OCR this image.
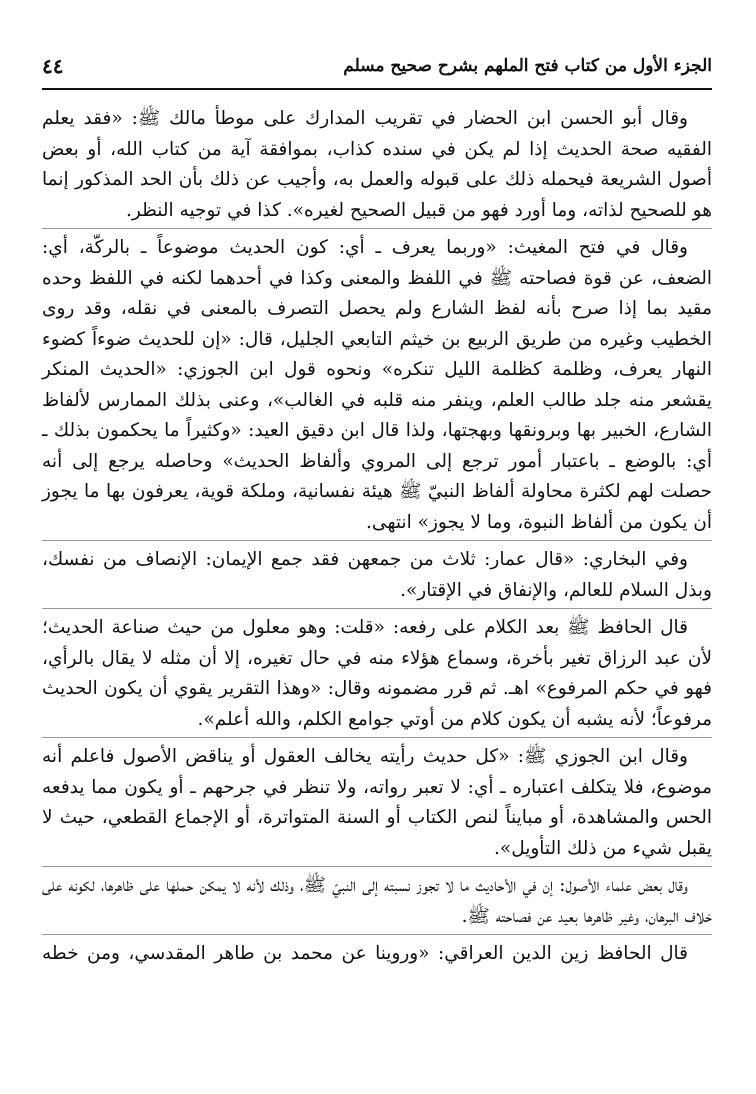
الجزء الأول من كتاب فتح الملهم بشرح صحيح مسلم
٤٤

وقال أبو الحسن ابن الحضار في تقريب المدارك على موطأ مالك ﷺ: «فقد يعلم الفقيه صحة الحديث إذا لم يكن في سنده كذاب، بموافقة آية من كتاب الله، أو بعض أصول الشريعة فيحمله ذلك على قبوله والعمل به، وأجيب عن ذلك بأن الحد المذكور إنما هو للصحيح لذاته، وما أورد فهو من قبيل الصحيح لغيره». كذا في توجيه النظر.

وقال في فتح المغيث: «وربما يعرف ـ أي: كون الحديث موضوعاً ـ بالركّة، أي: الضعف، عن قوة فصاحته ﷺ في اللفظ والمعنى وكذا في أحدهما لكنه في اللفظ وحده مقيد بما إذا صرح بأنه لفظ الشارع ولم يحصل التصرف بالمعنى في نقله، وقد روى الخطيب وغيره من طريق الربيع بن خيثم التابعي الجليل، قال: «إن للحديث ضوءاً كضوء النهار يعرف، وظلمة كظلمة الليل تنكره» ونحوه قول ابن الجوزي: «الحديث المنكر يقشعر منه جلد طالب العلم، وينفر منه قلبه في الغالب»، وعنى بذلك الممارس لألفاظ الشارع، الخبير بها وبرونقها وبهجتها، ولذا قال ابن دقيق العيد: «وكثيراً ما يحكمون بذلك ـ أي: بالوضع ـ باعتبار أمور ترجع إلى المروي وألفاظ الحديث» وحاصله يرجع إلى أنه حصلت لهم لكثرة محاولة ألفاظ النبيّ ﷺ هيئة نفسانية، وملكة قوية، يعرفون بها ما يجوز أن يكون من ألفاظ النبوة، وما لا يجوز» انتهى.

وفي البخاري: «قال عمار: ثلاث من جمعهن فقد جمع الإيمان: الإنصاف من نفسك، وبذل السلام للعالم، والإنفاق في الإقتار».

قال الحافظ ﷺ بعد الكلام على رفعه: «قلت: وهو معلول من حيث صناعة الحديث؛ لأن عبد الرزاق تغير بأخرة، وسماع هؤلاء منه في حال تغيره، إلا أن مثله لا يقال بالرأي، فهو في حكم المرفوع» اهـ. ثم قرر مضمونه وقال: «وهذا التقرير يقوي أن يكون الحديث مرفوعاً؛ لأنه يشبه أن يكون كلام من أوتي جوامع الكلم، والله أعلم».

وقال ابن الجوزي ﷺ: «كل حديث رأيته يخالف العقول أو يناقض الأصول فاعلم أنه موضوع، فلا يتكلف اعتباره ـ أي: لا تعبر رواته، ولا تنظر في جرحهم ـ أو يكون مما يدفعه الحس والمشاهدة، أو مبايناً لنص الكتاب أو السنة المتواترة، أو الإجماع القطعي، حيث لا يقبل شيء من ذلك التأويل».

وقال بعض علماء الأصول: إن في الأحاديث ما لا تجوز نسبته إلى النبيّ ﷺ، وذلك لأنه لا يمكن حملها على ظاهرها، لكونه على خلاف البرهان، وغير ظاهرها بعيد عن فصاحته ﷺ.

قال الحافظ زين الدين العراقي: «وروينا عن محمد بن طاهر المقدسي، ومن خطه
